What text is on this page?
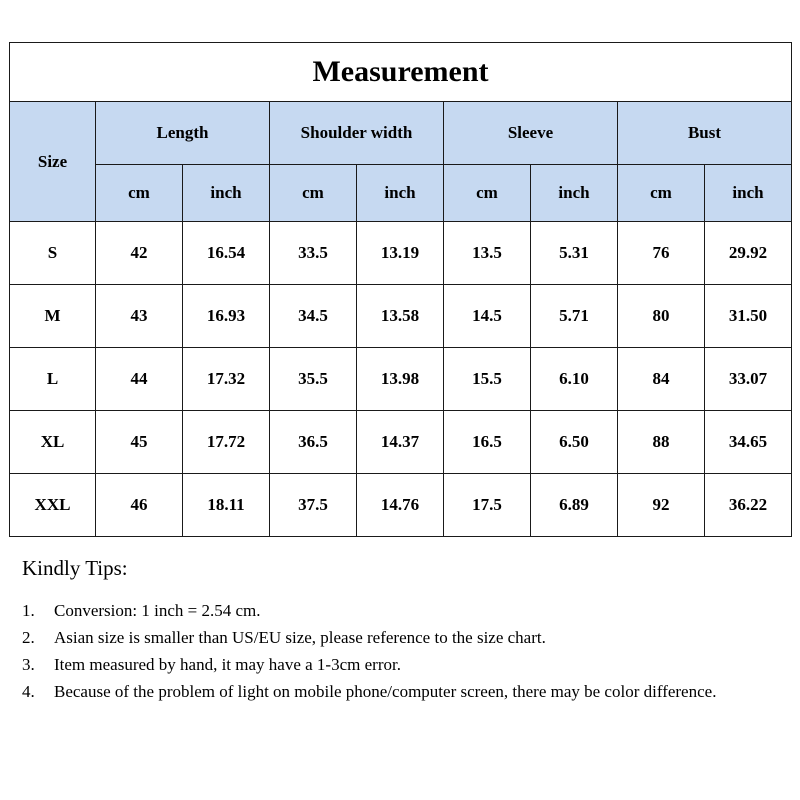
Measurement								
Size	Length		Shoulder width		Sleeve		Bust	
	cm	inch	cm	inch	cm	inch	cm	inch
S	42	16.54	33.5	13.19	13.5	5.31	76	29.92
M	43	16.93	34.5	13.58	14.5	5.71	80	31.50
L	44	17.32	35.5	13.98	15.5	6.10	84	33.07
XL	45	17.72	36.5	14.37	16.5	6.50	88	34.65
XXL	46	18.11	37.5	14.76	17.5	6.89	92	36.22
Kindly Tips:
1.	Conversion: 1 inch = 2.54 cm.
2.	Asian size is smaller than US/EU size, please reference to the size chart.
3.	Item measured by hand, it may have a 1-3cm error.
4.	Because of the problem of light on mobile phone/computer screen, there may be color difference.
